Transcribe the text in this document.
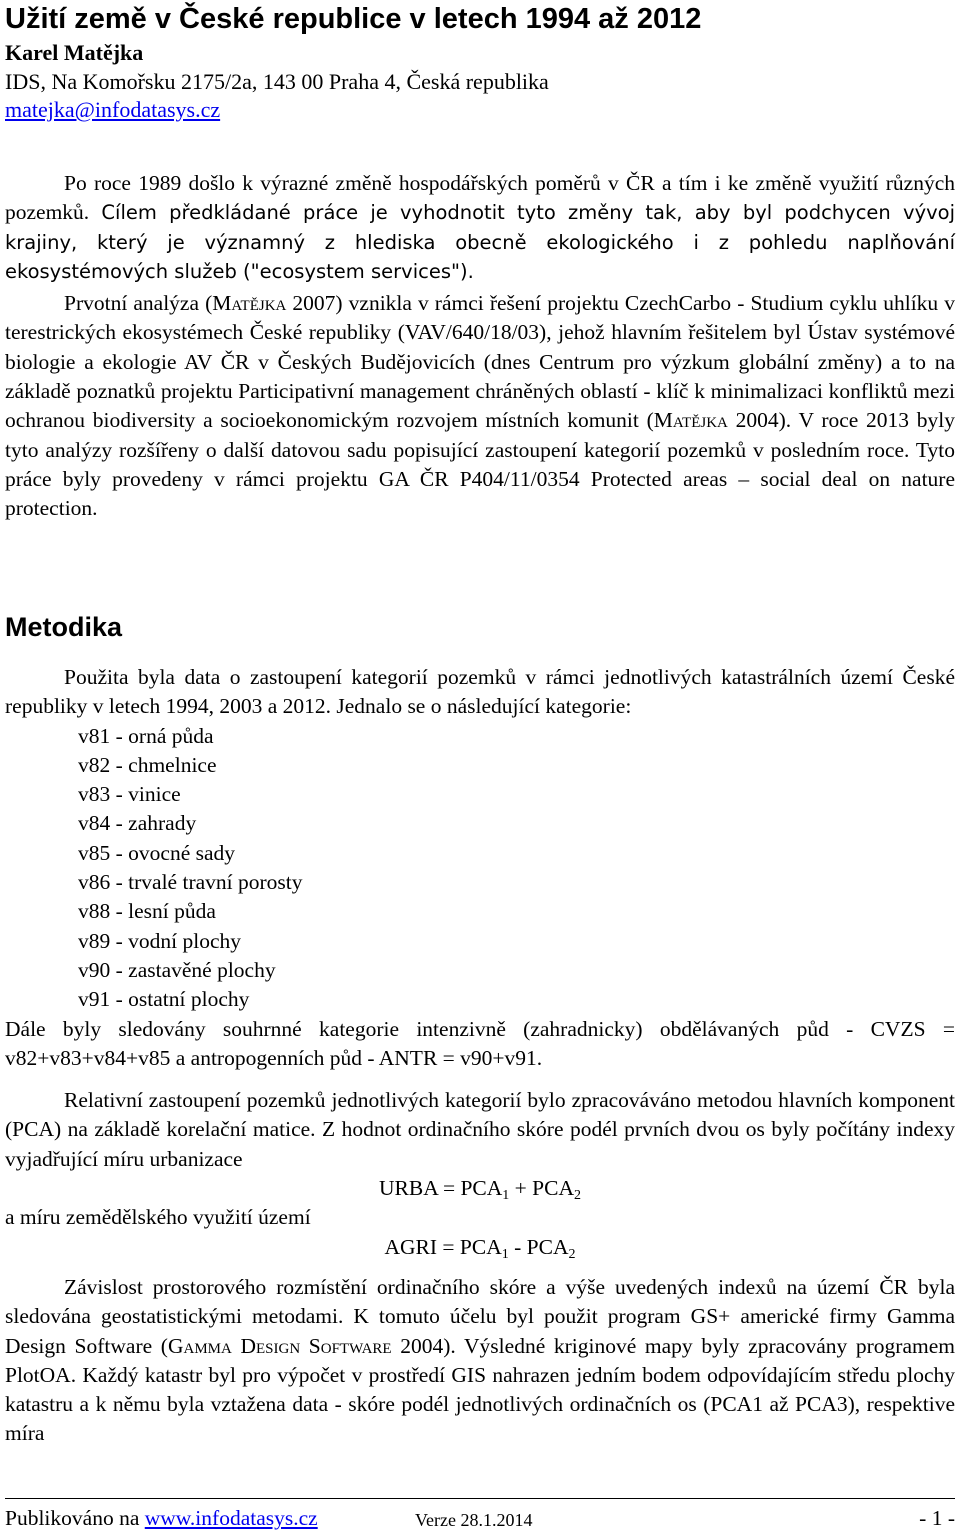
Užití země v České republice v letech 1994 až 2012
Karel Matějka
IDS, Na Komořsku 2175/2a, 143 00 Praha 4, Česká republika
matejka@infodatasys.cz

Po roce 1989 došlo k výrazné změně hospodářských poměrů v ČR a tím i ke změně využití různých pozemků. Cílem předkládané práce je vyhodnotit tyto změny tak, aby byl podchycen vývoj krajiny, který je významný z hlediska obecně ekologického i z pohledu naplňování ekosystémových služeb ("ecosystem services").

Prvotní analýza (Matějka 2007) vznikla v rámci řešení projektu CzechCarbo - Studium cyklu uhlíku v terestrických ekosystémech České republiky (VAV/640/18/03), jehož hlavním řešitelem byl Ústav systémové biologie a ekologie AV ČR v Českých Budějovicích (dnes Centrum pro výzkum globální změny) a to na základě poznatků projektu Participativní management chráněných oblastí - klíč k minimalizaci konfliktů mezi ochranou biodiversity a socioekonomickým rozvojem místních komunit (Matějka 2004). V roce 2013 byly tyto analýzy rozšířeny o další datovou sadu popisující zastoupení kategorií pozemků v posledním roce. Tyto práce byly provedeny v rámci projektu GA ČR P404/11/0354 Protected areas – social deal on nature protection.

Metodika

Použita byla data o zastoupení kategorií pozemků v rámci jednotlivých katastrálních území České republiky v letech 1994, 2003 a 2012. Jednalo se o následující kategorie:

v81 - orná půda
v82 - chmelnice
v83 - vinice
v84 - zahrady
v85 - ovocné sady
v86 - trvalé travní porosty
v88 - lesní půda
v89 - vodní plochy
v90 - zastavěné plochy
v91 - ostatní plochy

Dále byly sledovány souhrnné kategorie intenzivně (zahradnicky) obdělávaných půd - CVZS = v82+v83+v84+v85 a antropogenních půd - ANTR = v90+v91.

Relativní zastoupení pozemků jednotlivých kategorií bylo zpracováváno metodou hlavních komponent (PCA) na základě korelační matice. Z hodnot ordinačního skóre podél prvních dvou os byly počítány indexy vyjadřující míru urbanizace

URBA = $PCA_1 + PCA_2$

a míru zemědělského využití území

AGRI = $PCA_1 - PCA_2$

Závislost prostorového rozmístění ordinačního skóre a výše uvedených indexů na území ČR byla sledována geostatistickými metodami. K tomuto účelu byl použit program GS+ americké firmy Gamma Design Software (Gamma Design Software 2004). Výsledné kriginové mapy byly zpracovány programem PlotOA. Každý katastr byl pro výpočet v prostředí GIS nahrazen jedním bodem odpovídajícím středu plochy katastru a k němu byla vztažena data - skóre podél jednotlivých ordinačních os (PCA1 až PCA3), respektive míra

Publikováno na www.infodatasys.cz	Verze 28.1.2014	- 1 -
